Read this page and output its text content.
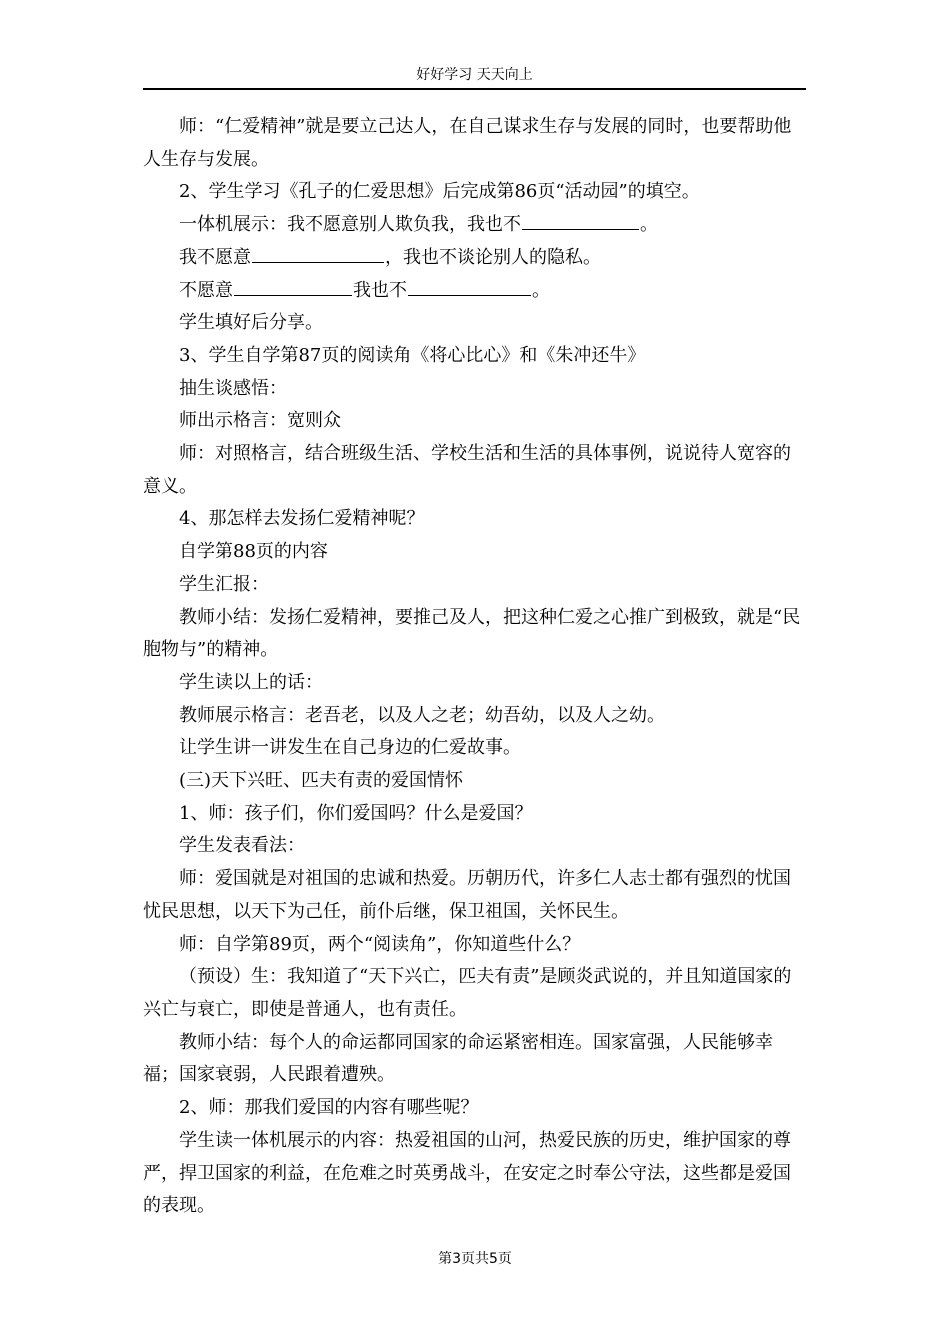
好好学习 天天向上

师：“仁爱精神”就是要立己达人，在自己谋求生存与发展的同时，也要帮助他人生存与发展。

2、学生学习《孔子的仁爱思想》后完成第86页“活动园”的填空。

一体机展示：我不愿意别人欺负我，我也不	。

我不愿意	，我也不谈论别人的隐私。

不愿意	我也不	。

学生填好后分享。

3、学生自学第87页的阅读角《将心比心》和《朱冲还牛》

抽生谈感悟：

师出示格言：宽则众

师：对照格言，结合班级生活、学校生活和生活的具体事例，说说待人宽容的意义。

4、那怎样去发扬仁爱精神呢？

自学第88页的内容

学生汇报：

教师小结：发扬仁爱精神，要推己及人，把这种仁爱之心推广到极致，就是“民胞物与”的精神。

学生读以上的话：

教师展示格言：老吾老，以及人之老；幼吾幼，以及人之幼。

让学生讲一讲发生在自己身边的仁爱故事。

(三)天下兴旺、匹夫有责的爱国情怀

1、师：孩子们，你们爱国吗？什么是爱国？

学生发表看法：

师：爱国就是对祖国的忠诚和热爱。历朝历代，许多仁人志士都有强烈的忧国忧民思想，以天下为己任，前仆后继，保卫祖国，关怀民生。

师：自学第89页，两个“阅读角”，你知道些什么？

（预设）生：我知道了“天下兴亡，匹夫有责”是顾炎武说的，并且知道国家的兴亡与衰亡，即使是普通人，也有责任。

教师小结：每个人的命运都同国家的命运紧密相连。国家富强，人民能够幸福；国家衰弱，人民跟着遭殃。

2、师：那我们爱国的内容有哪些呢？

学生读一体机展示的内容：热爱祖国的山河，热爱民族的历史，维护国家的尊严，捍卫国家的利益，在危难之时英勇战斗，在安定之时奉公守法，这些都是爱国的表现。

第3页共5页
